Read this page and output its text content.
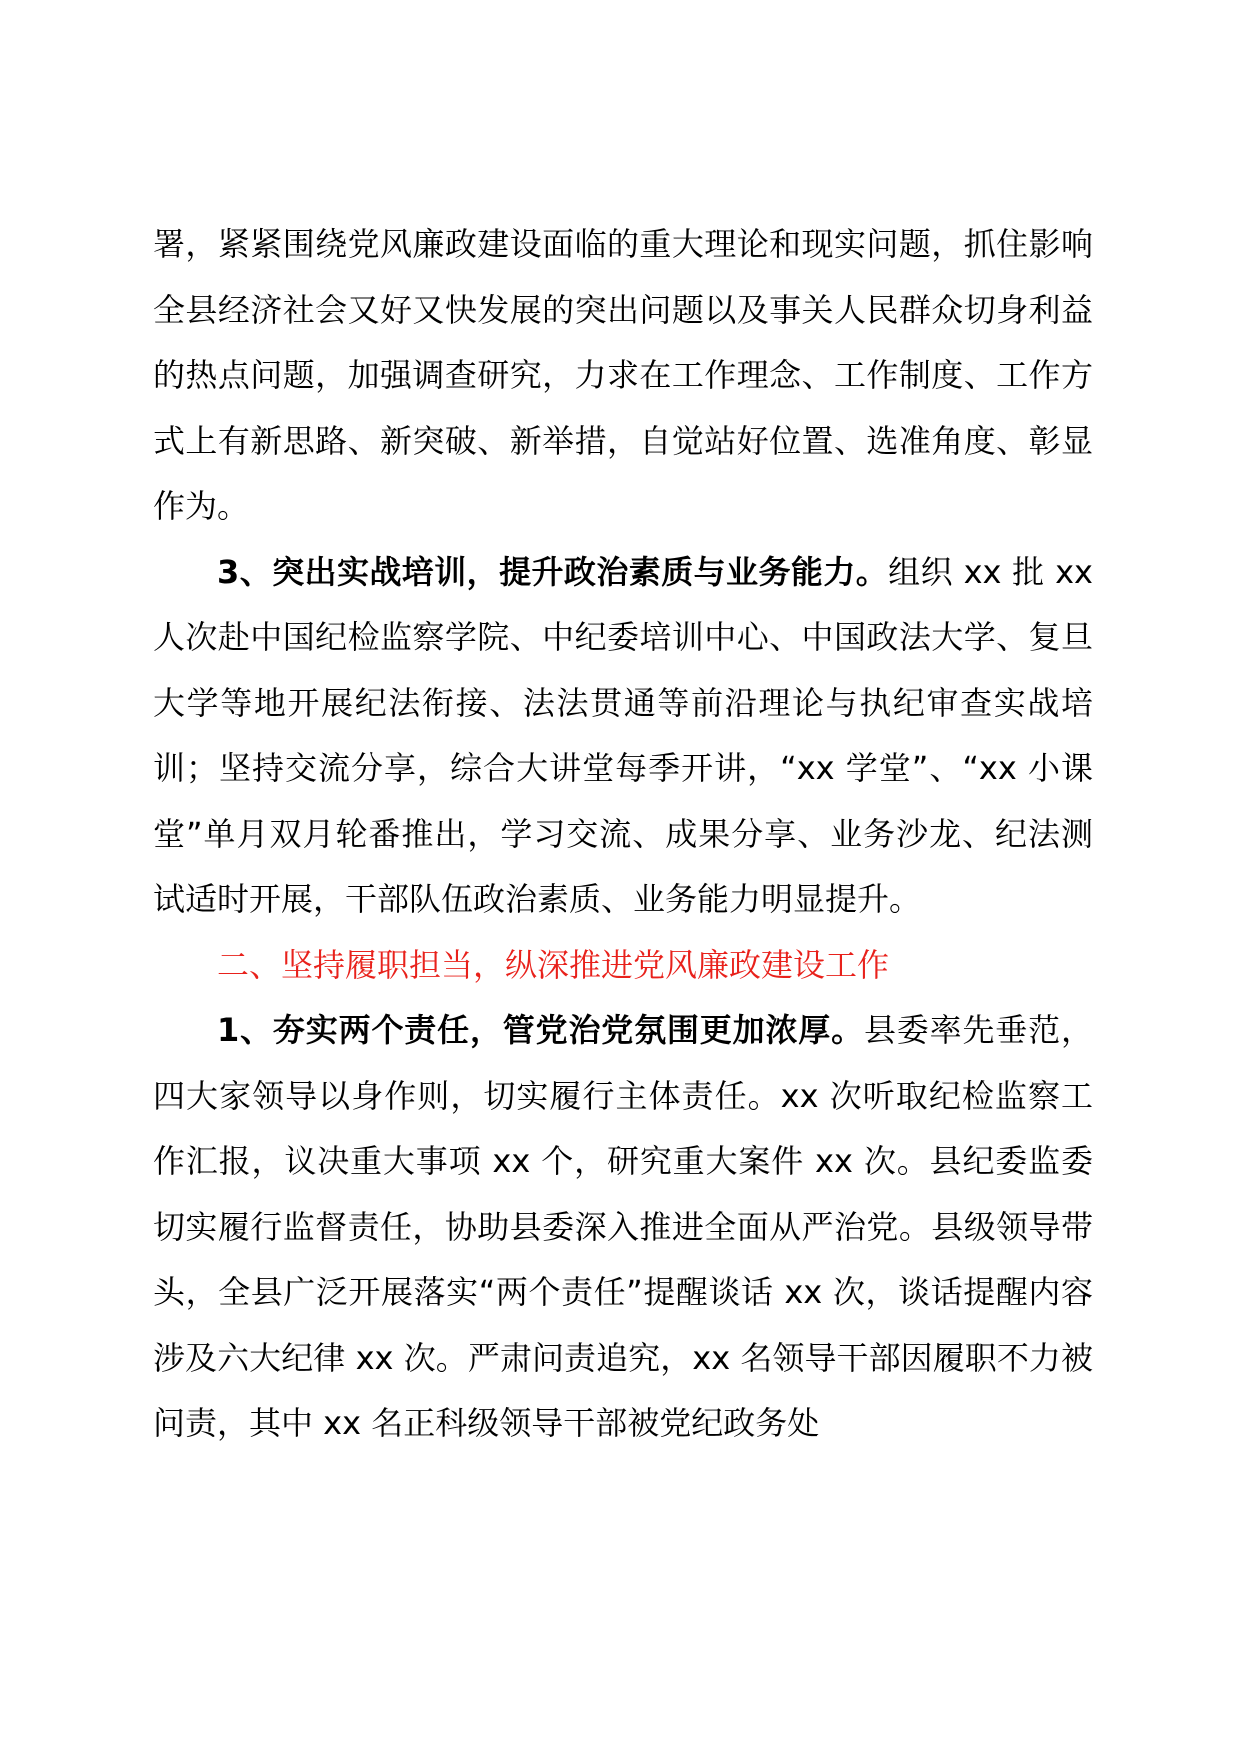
署，紧紧围绕党风廉政建设面临的重大理论和现实问题，抓住影响全县经济社会又好又快发展的突出问题以及事关人民群众切身利益的热点问题，加强调查研究，力求在工作理念、工作制度、工作方式上有新思路、新突破、新举措，自觉站好位置、选准角度、彰显作为。

3、突出实战培训，提升政治素质与业务能力。组织 xx 批 xx 人次赴中国纪检监察学院、中纪委培训中心、中国政法大学、复旦大学等地开展纪法衔接、法法贯通等前沿理论与执纪审查实战培训；坚持交流分享，综合大讲堂每季开讲，“xx 学堂”、“xx 小课堂”单月双月轮番推出，学习交流、成果分享、业务沙龙、纪法测试适时开展，干部队伍政治素质、业务能力明显提升。

二、坚持履职担当，纵深推进党风廉政建设工作

1、夯实两个责任，管党治党氛围更加浓厚。县委率先垂范，四大家领导以身作则，切实履行主体责任。xx 次听取纪检监察工作汇报，议决重大事项 xx 个，研究重大案件 xx 次。县纪委监委切实履行监督责任，协助县委深入推进全面从严治党。县级领导带头，全县广泛开展落实“两个责任”提醒谈话 xx 次，谈话提醒内容涉及六大纪律 xx 次。严肃问责追究，xx 名领导干部因履职不力被问责，其中 xx 名正科级领导干部被党纪政务处
